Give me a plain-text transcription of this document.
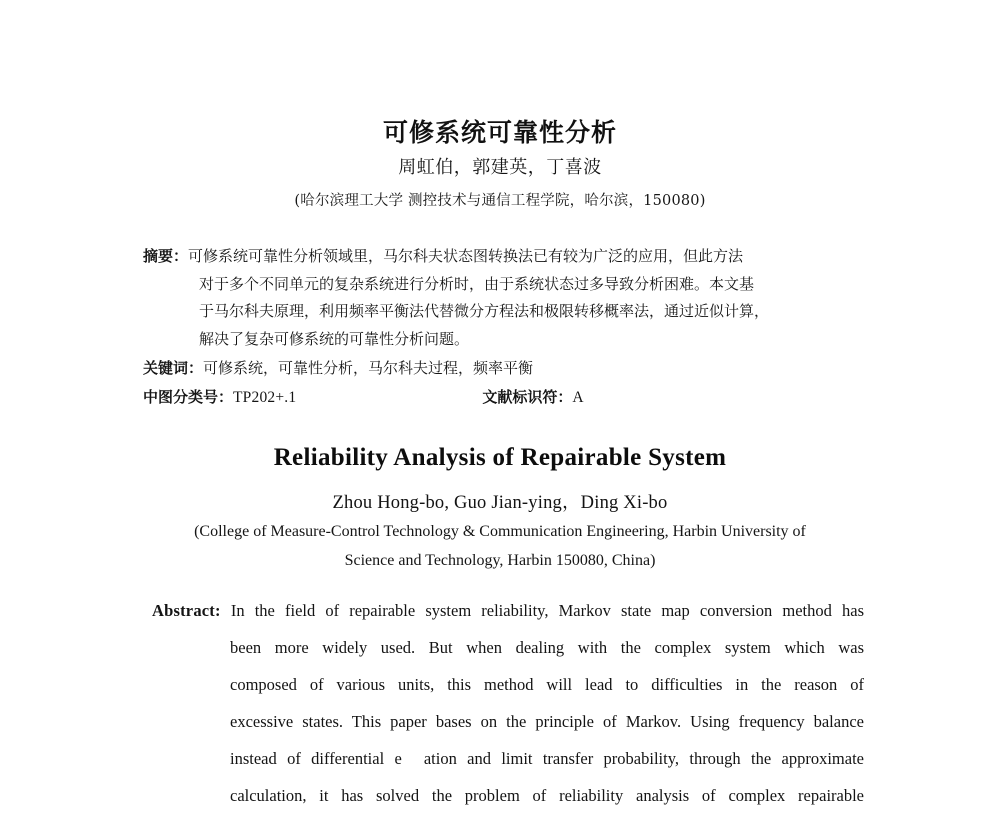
可修系统可靠性分析
周虹伯，郭建英，丁喜波
(哈尔滨理工大学 测控技术与通信工程学院，哈尔滨，150080)
摘要：可修系统可靠性分析领域里，马尔科夫状态图转换法已有较为广泛的应用，但此方法
对于多个不同单元的复杂系统进行分析时，由于系统状态过多导致分析困难。本文基
于马尔科夫原理，利用频率平衡法代替微分方程法和极限转移概率法，通过近似计算，
解决了复杂可修系统的可靠性分析问题。
关键词：可修系统，可靠性分析，马尔科夫过程，频率平衡
中图分类号：TP202+.1	文献标识符：A
Reliability Analysis of Repairable System
Zhou Hong-bo, Guo Jian-ying，Ding Xi-bo
(College of Measure-Control Technology & Communication Engineering, Harbin University of
Science and Technology, Harbin 150080, China)
Abstract: In the field of repairable system reliability, Markov state map conversion method has
been more widely used. But when dealing with the complex system which was
composed of various units, this method will lead to difficulties in the reason of
excessive states. This paper bases on the principle of Markov. Using frequency balance
instead of differential e ation and limit transfer probability, through the approximate
calculation, it has solved the problem of reliability analysis of complex repairable
